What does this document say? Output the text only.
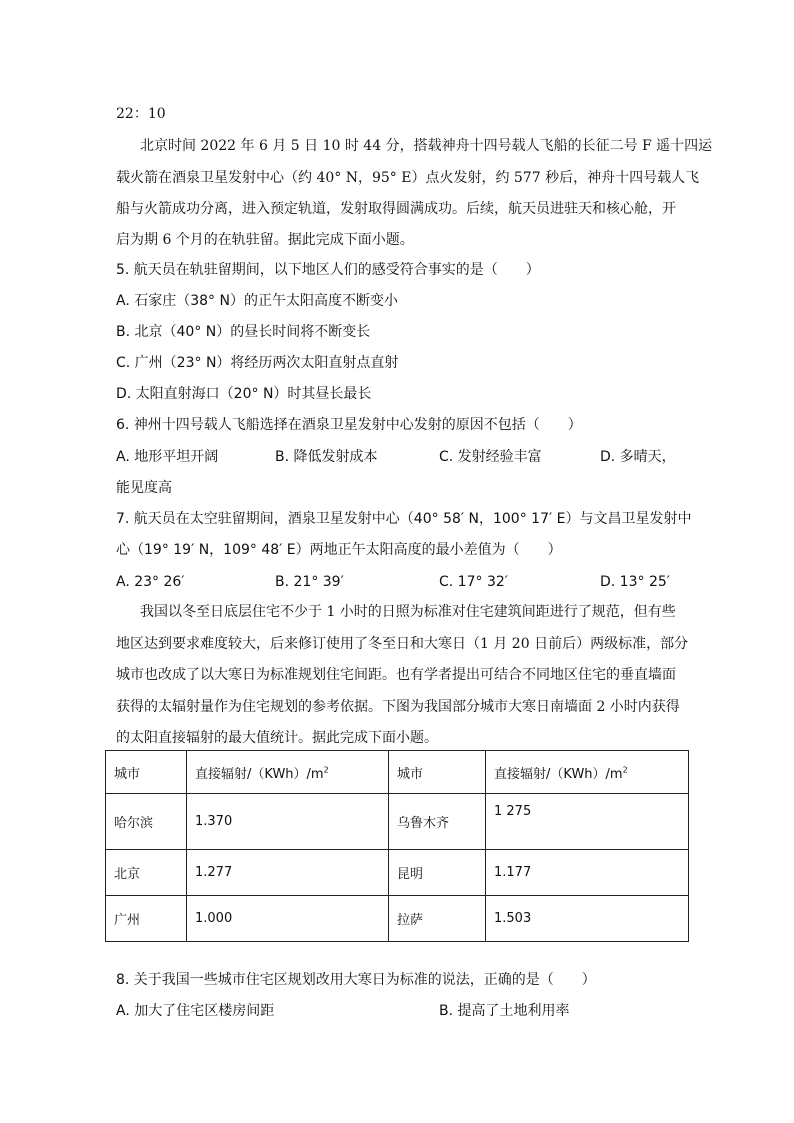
22：10
北京时间 2022 年 6 月 5 日 10 时 44 分，搭载神舟十四号载人飞船的长征二号 F 遥十四运
载火箭在酒泉卫星发射中心（约 40° N，95° E）点火发射，约 577 秒后，神舟十四号载人飞
船与火箭成功分离，进入预定轨道，发射取得圆满成功。后续，航天员进驻天和核心舱，开
启为期 6 个月的在轨驻留。据此完成下面小题。
5. 航天员在轨驻留期间，以下地区人们的感受符合事实的是（　　）
A. 石家庄（38° N）的正午太阳高度不断变小
B. 北京（40° N）的昼长时间将不断变长
C. 广州（23° N）将经历两次太阳直射点直射
D. 太阳直射海口（20° N）时其昼长最长
6. 神州十四号载人飞船选择在酒泉卫星发射中心发射的原因不包括（　　）
A. 地形平坦开阔	B. 降低发射成本	C. 发射经验丰富	D. 多晴天，
能见度高
7. 航天员在太空驻留期间，酒泉卫星发射中心（40° 58′ N，100° 17′ E）与文昌卫星发射中
心（19° 19′ N，109° 48′ E）两地正午太阳高度的最小差值为（　　）
A. 23° 26′	B. 21° 39′	C. 17° 32′	D. 13° 25′
我国以冬至日底层住宅不少于 1 小时的日照为标准对住宅建筑间距进行了规范，但有些
地区达到要求难度较大，后来修订使用了冬至日和大寒日（1 月 20 日前后）两级标准，部分
城市也改成了以大寒日为标准规划住宅间距。也有学者提出可结合不同地区住宅的垂直墙面
获得的太辐射量作为住宅规划的参考依据。下图为我国部分城市大寒日南墙面 2 小时内获得
的太阳直接辐射的最大值统计。据此完成下面小题。
城市	直接辐射$/(KWh)/m^2$	城市	直接辐射$/(KWh)/m^2$
哈尔滨	1.370	乌鲁木齐	1 275
北京	1.277	昆明	1.177
广州	1.000	拉萨	1.503
8. 关于我国一些城市住宅区规划改用大寒日为标准的说法，正确的是（　　）
A. 加大了住宅区楼房间距	B. 提高了土地利用率
